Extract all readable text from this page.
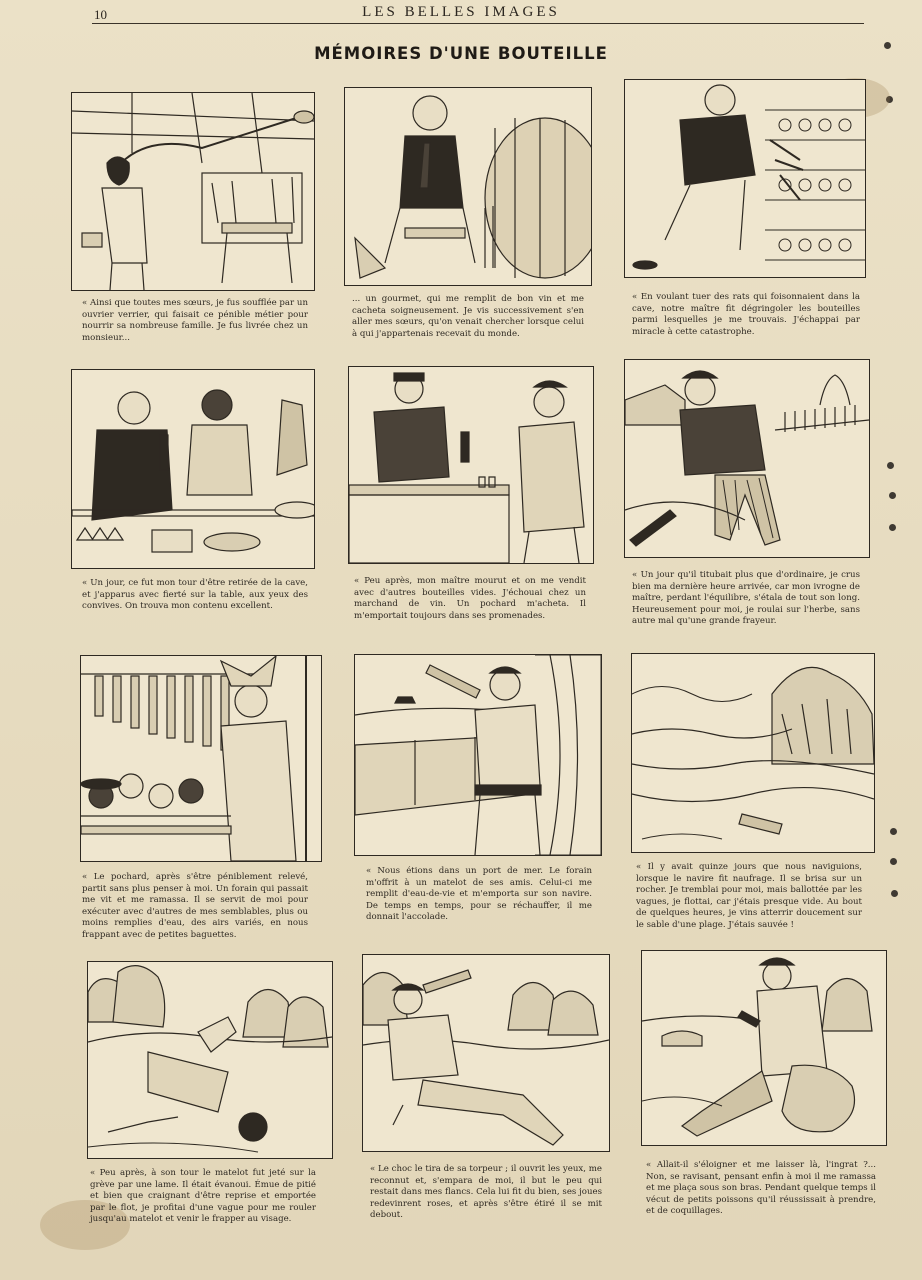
10	LES BELLES IMAGES
MÉMOIRES D'UNE BOUTEILLE
« Ainsi que toutes mes sœurs, je fus soufflée par un ouvrier verrier, qui faisait ce pénible métier pour nourrir sa nombreuse famille. Je fus livrée chez un monsieur...
... un gourmet, qui me remplit de bon vin et me cacheta soigneusement. Je vis successivement s'en aller mes sœurs, qu'on venait chercher lorsque celui à qui j'appartenais recevait du monde.
« En voulant tuer des rats qui foisonnaient dans la cave, notre maître fit dégringoler les bouteilles parmi lesquelles je me trouvais. J'échappai par miracle à cette catastrophe.
« Un jour, ce fut mon tour d'être retirée de la cave, et j'apparus avec fierté sur la table, aux yeux des convives. On trouva mon contenu excellent.
« Peu après, mon maître mourut et on me vendit avec d'autres bouteilles vides. J'échouai chez un marchand de vin. Un pochard m'acheta. Il m'emportait toujours dans ses promenades.
« Un jour qu'il titubait plus que d'ordinaire, je crus bien ma dernière heure arrivée, car mon ivrogne de maître, perdant l'équilibre, s'étala de tout son long. Heureusement pour moi, je roulai sur l'herbe, sans autre mal qu'une grande frayeur.
« Le pochard, après s'être péniblement relevé, partit sans plus penser à moi. Un forain qui passait me vit et me ramassa. Il se servit de moi pour exécuter avec d'autres de mes semblables, plus ou moins remplies d'eau, des airs variés, en nous frappant avec de petites baguettes.
« Nous étions dans un port de mer. Le forain m'offrit à un matelot de ses amis. Celui-ci me remplit d'eau-de-vie et m'emporta sur son navire. De temps en temps, pour se réchauffer, il me donnait l'accolade.
« Il y avait quinze jours que nous naviguions, lorsque le navire fit naufrage. Il se brisa sur un rocher. Je tremblai pour moi, mais ballottée par les vagues, je flottai, car j'étais presque vide. Au bout de quelques heures, je vins atterrir doucement sur le sable d'une plage. J'étais sauvée !
« Peu après, à son tour le matelot fut jeté sur la grève par une lame. Il était évanoui. Émue de pitié et bien que craignant d'être reprise et emportée par le flot, je profitai d'une vague pour me rouler jusqu'au matelot et venir le frapper au visage.
« Le choc le tira de sa torpeur ; il ouvrit les yeux, me reconnut et, s'empara de moi, il but le peu qui restait dans mes flancs. Cela lui fit du bien, ses joues redevinrent roses, et après s'être étiré il se mit debout.
« Allait-il s'éloigner et me laisser là, l'ingrat ?... Non, se ravisant, pensant enfin à moi il me ramassa et me plaça sous son bras. Pendant quelque temps il vécut de petits poissons qu'il réussissait à prendre, et de coquillages.
